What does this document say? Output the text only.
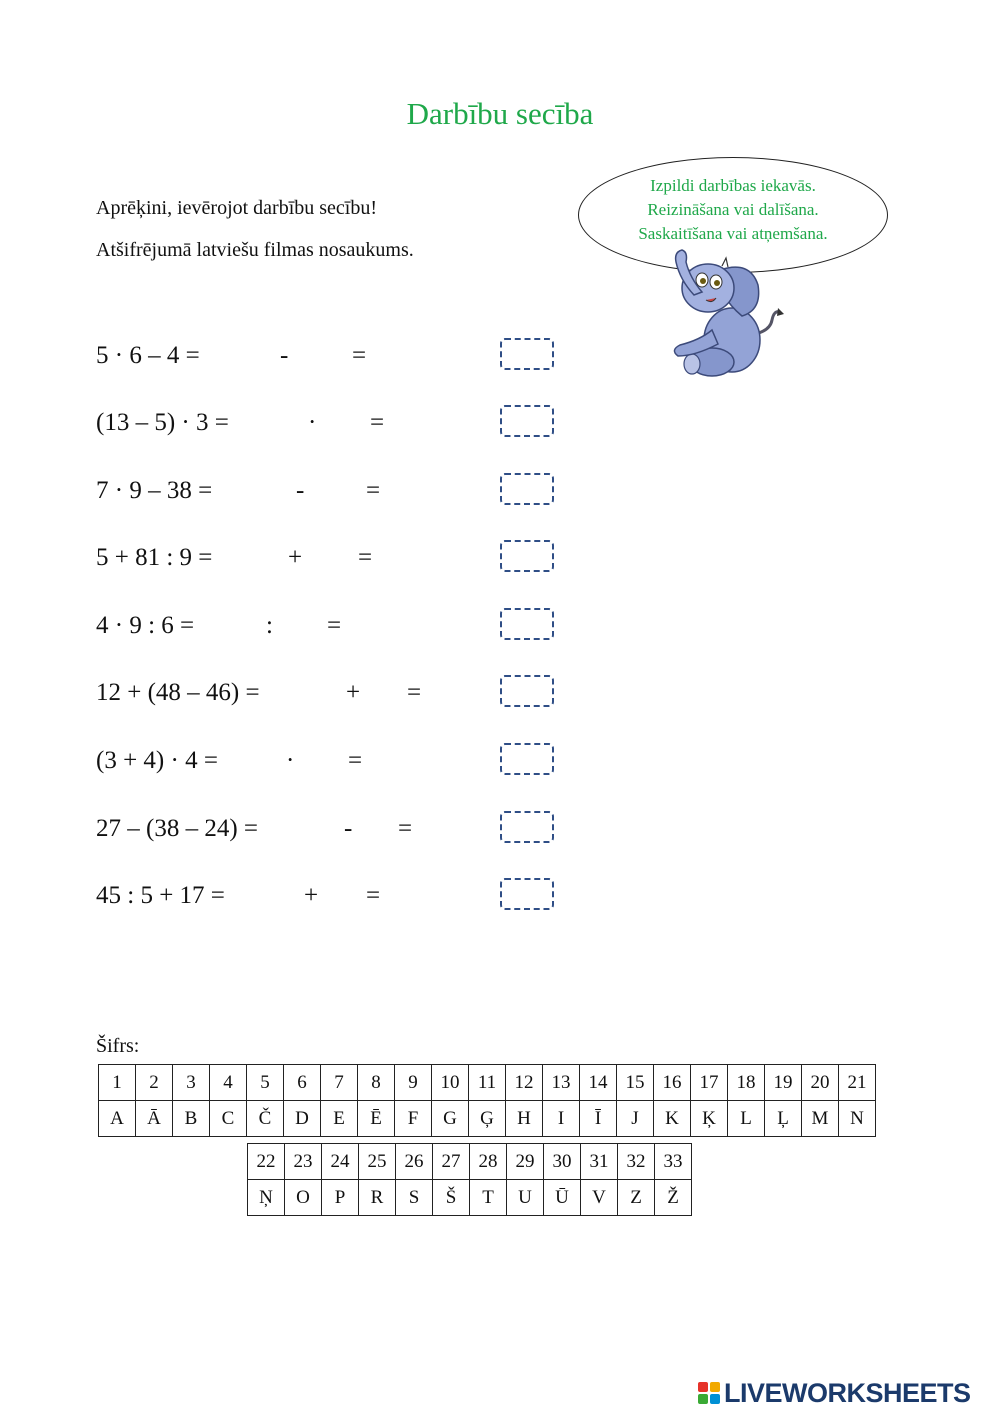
Darbību secība
Aprēķini, ievērojot darbību secību!
Atšifrējumā latviešu filmas nosaukums.
Izpildi darbības iekavās.
Reizināšana vai dalīšana.
Saskaitīšana vai atņemšana.
5 · 6 – 4 =	-	=
(13 – 5) · 3 =	· =
7 · 9 – 38 =	- =
5 + 81 : 9 =	+ =
4 · 9 : 6 =	: =
12 + (48 – 46) =	+ =
(3 + 4) · 4 =	· =
27 – (38 – 24) =	- =
45 : 5 + 17 =	+ =
Šifrs:
1	2	3	4	5	6	7	8	9	10	11	12	13	14	15	16	17	18	19	20	21
A	Ā	B	C	Č	D	E	Ē	F	G	Ģ	H	I	Ī	J	K	Ķ	L	Ļ	M	N
22	23	24	25	26	27	28	29	30	31	32	33
Ņ	O	P	R	S	Š	T	U	Ū	V	Z	Ž
LIVEWORKSHEETS
